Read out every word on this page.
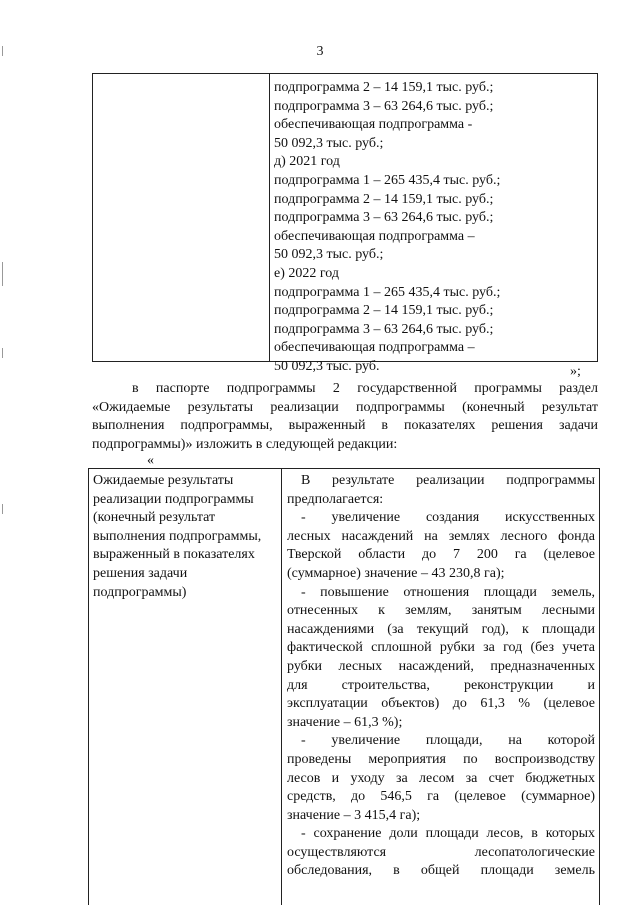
3
подпрограмма 2 – 14 159,1 тыс. руб.;
подпрограмма 3 – 63 264,6 тыс. руб.;
обеспечивающая подпрограмма -
50 092,3 тыс. руб.;
д) 2021 год
подпрограмма 1 – 265 435,4 тыс. руб.;
подпрограмма 2 – 14 159,1 тыс. руб.;
подпрограмма 3 – 63 264,6 тыс. руб.;
обеспечивающая подпрограмма –
50 092,3 тыс. руб.;
е) 2022 год
подпрограмма 1 – 265 435,4 тыс. руб.;
подпрограмма 2 – 14 159,1 тыс. руб.;
подпрограмма 3 – 63 264,6 тыс. руб.;
обеспечивающая подпрограмма –
50 092,3 тыс. руб.	»;
в паспорте подпрограммы 2 государственной программы раздел
«Ожидаемые результаты реализации подпрограммы (конечный результат
выполнения подпрограммы, выраженный в показателях решения задачи
подпрограммы)» изложить в следующей редакции:
«
Ожидаемые результаты
реализации подпрограммы
(конечный результат
выполнения подпрограммы,
выраженный в показателях
решения задачи
подпрограммы)
В результате реализации подпрограммы
предполагается:
- увеличение создания искусственных
лесных насаждений на землях лесного фонда
Тверской области до 7 200 га (целевое
(суммарное) значение – 43 230,8 га);
- повышение отношения площади земель,
отнесенных к землям, занятым лесными
насаждениями (за текущий год), к площади
фактической сплошной рубки за год (без учета
рубки лесных насаждений, предназначенных
для строительства, реконструкции и
эксплуатации объектов) до 61,3 % (целевое
значение – 61,3 %);
- увеличение площади, на которой
проведены мероприятия по воспроизводству
лесов и уходу за лесом за счет бюджетных
средств, до 546,5 га (целевое (суммарное)
значение – 3 415,4 га);
- сохранение доли площади лесов, в которых
осуществляются лесопатологические
обследования, в общей площади земель
